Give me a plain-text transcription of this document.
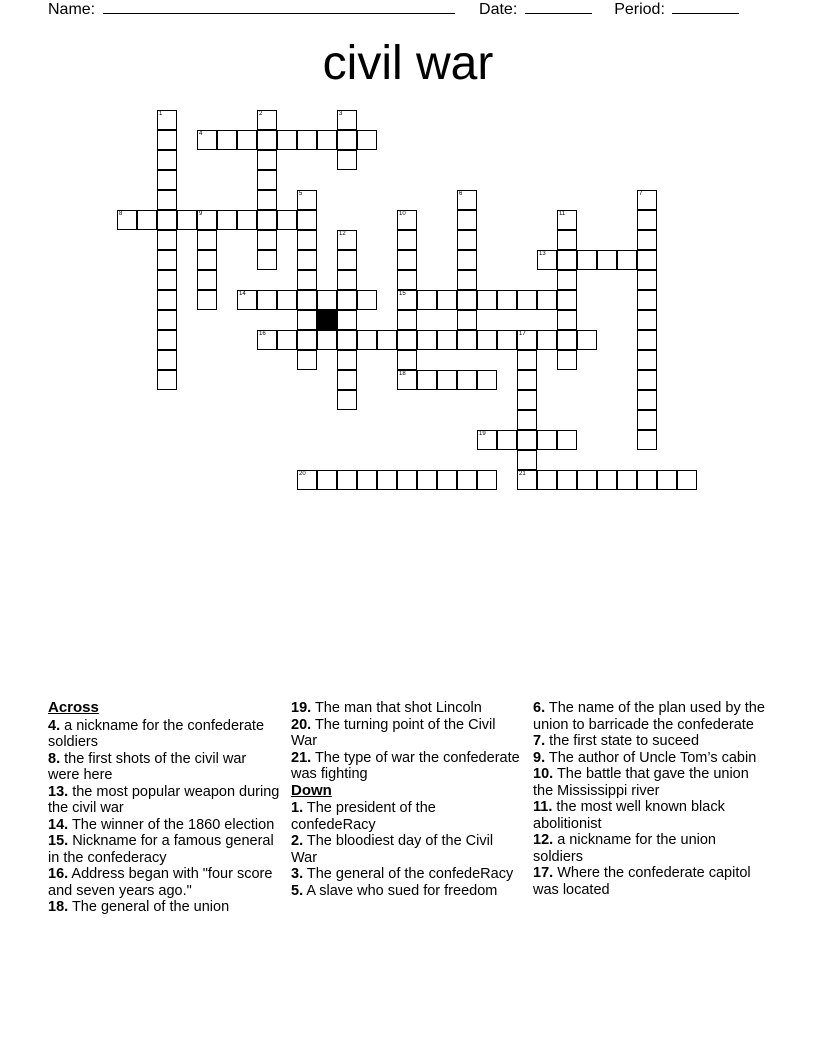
Name:	Date:	Period:
civil war
1	2	3
4
5	6	7
8	9	10
15
18
11
12
13
14
16	17
21
19
20
Across
4. a nickname for the confederate soldiers
8. the first shots of the civil war were here
13. the most popular weapon during the civil war
14. The winner of the 1860 election
15. Nickname for a famous general in the confederacy
16. Address began with "four score and seven years ago."
18. The general of the union
19. The man that shot Lincoln
20. The turning point of the Civil War
21. The type of war the confederate was fighting
Down
1. The president of the confedeRacy
2. The bloodiest day of the Civil War
3. The general of the confedeRacy
5. A slave who sued for freedom
6. The name of the plan used by the union to barricade the confederate
7. the first state to suceed
9. The author of Uncle Tom’s cabin
10. The battle that gave the union the Mississippi river
11. the most well known black abolitionist
12. a nickname for the union soldiers
17. Where the confederate capitol was located
